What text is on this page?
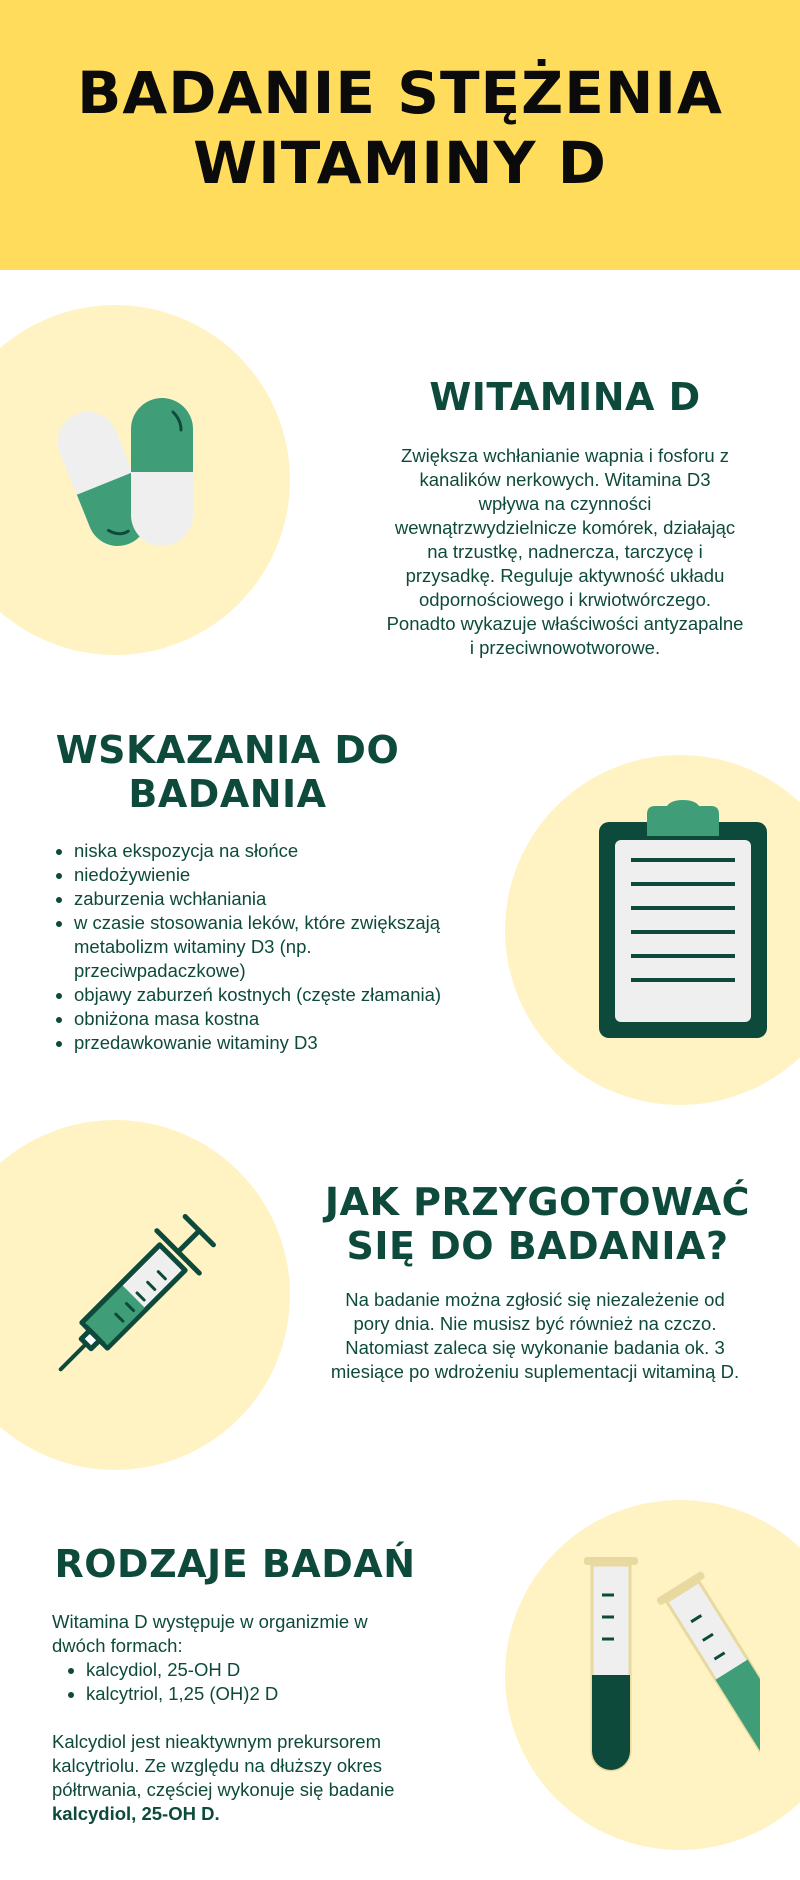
BADANIE STĘŻENIA
WITAMINY D
WITAMINA D
Zwiększa wchłanianie wapnia i fosforu z
kanalików nerkowych. Witamina D3
wpływa na czynności
wewnątrzwydzielnicze komórek, działając
na trzustkę, nadnercza, tarczycę i
przysadkę. Reguluje aktywność układu
odpornościowego i krwiotwórczego.
Ponadto wykazuje właściwości antyzapalne
i przeciwnowotworowe.
WSKAZANIA DO
BADANIA
• niska ekspozycja na słońce
• niedożywienie
• zaburzenia wchłaniania
• w czasie stosowania leków, które zwiększają metabolizm witaminy D3 (np. przeciwpadaczkowe)
• objawy zaburzeń kostnych (częste złamania)
• obniżona masa kostna
• przedawkowanie witaminy D3
JAK PRZYGOTOWAĆ
SIĘ DO BADANIA?
Na badanie można zgłosić się niezależenie od
pory dnia. Nie musisz być również na czczo.
Natomiast zaleca się wykonanie badania ok. 3
miesiące po wdrożeniu suplementacji witaminą D.
RODZAJE BADAŃ
Witamina D występuje w organizmie w
dwóch formach:
• kalcydiol, 25-OH D
• kalcytriol, 1,25 (OH)2 D
Kalcydiol jest nieaktywnym prekursorem
kalcytriolu. Ze względu na dłuższy okres
półtrwania, częściej wykonuje się badanie
kalcydiol, 25-OH D.
